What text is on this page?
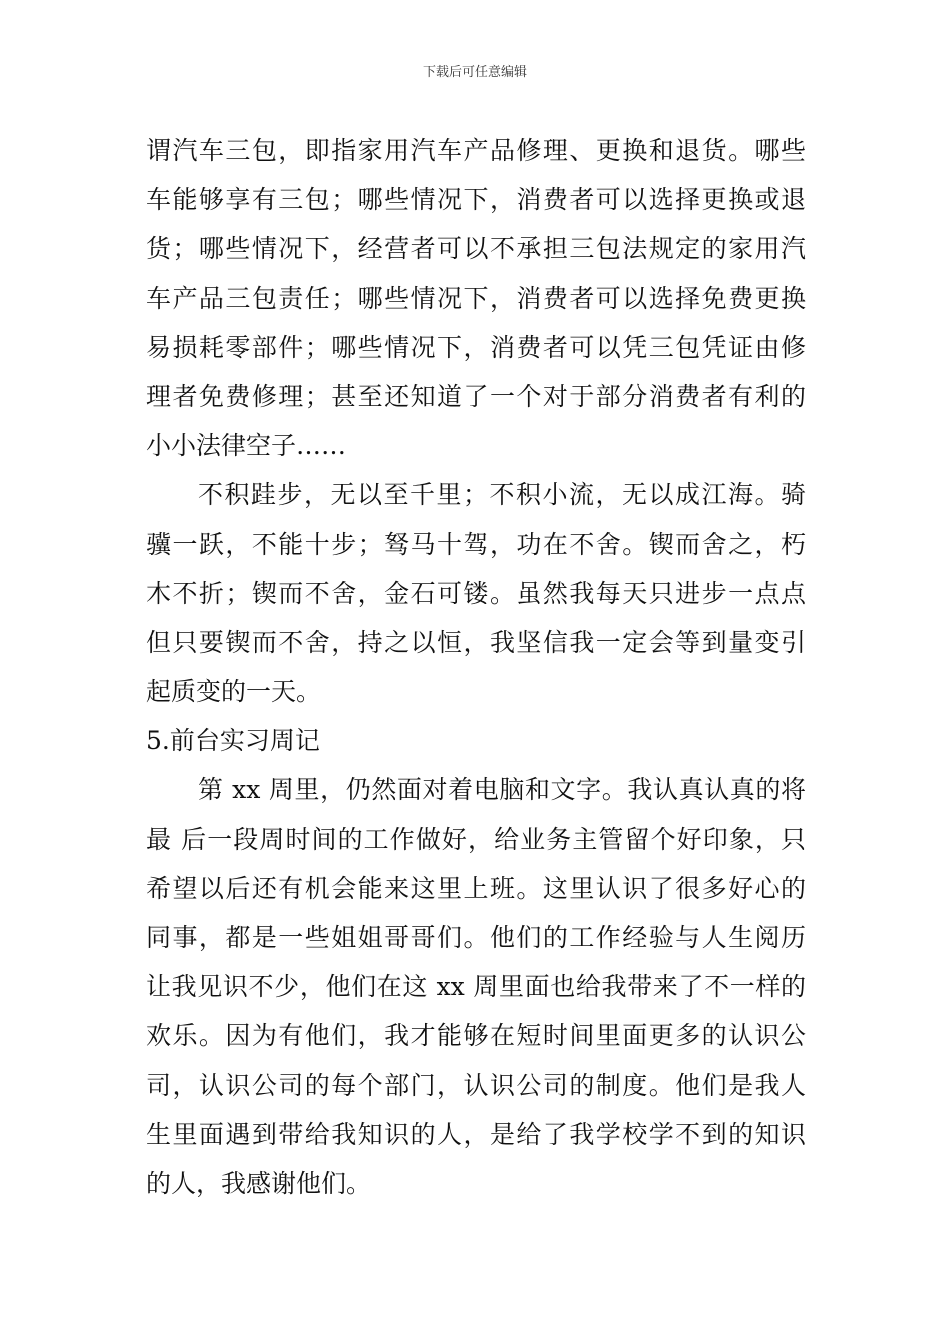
下载后可任意编辑
谓汽车三包，即指家用汽车产品修理、更换和退货。哪些
车能够享有三包；哪些情况下，消费者可以选择更换或退
货；哪些情况下，经营者可以不承担三包法规定的家用汽
车产品三包责任；哪些情况下，消费者可以选择免费更换
易损耗零部件；哪些情况下，消费者可以凭三包凭证由修
理者免费修理；甚至还知道了一个对于部分消费者有利的
小小法律空子……
不积跬步，无以至千里；不积小流，无以成江海。骑
骥一跃，不能十步；驽马十驾，功在不舍。锲而舍之，朽
木不折；锲而不舍，金石可镂。虽然我每天只进步一点点
但只要锲而不舍，持之以恒，我坚信我一定会等到量变引
起质变的一天。
5.前台实习周记
第 xx 周里，仍然面对着电脑和文字。我认真认真的将
最 后一段周时间的工作做好，给业务主管留个好印象，只
希望以后还有机会能来这里上班。这里认识了很多好心的
同事，都是一些姐姐哥哥们。他们的工作经验与人生阅历
让我见识不少，他们在这 xx 周里面也给我带来了不一样的
欢乐。因为有他们，我才能够在短时间里面更多的认识公
司，认识公司的每个部门，认识公司的制度。他们是我人
生里面遇到带给我知识的人，是给了我学校学不到的知识
的人，我感谢他们。
